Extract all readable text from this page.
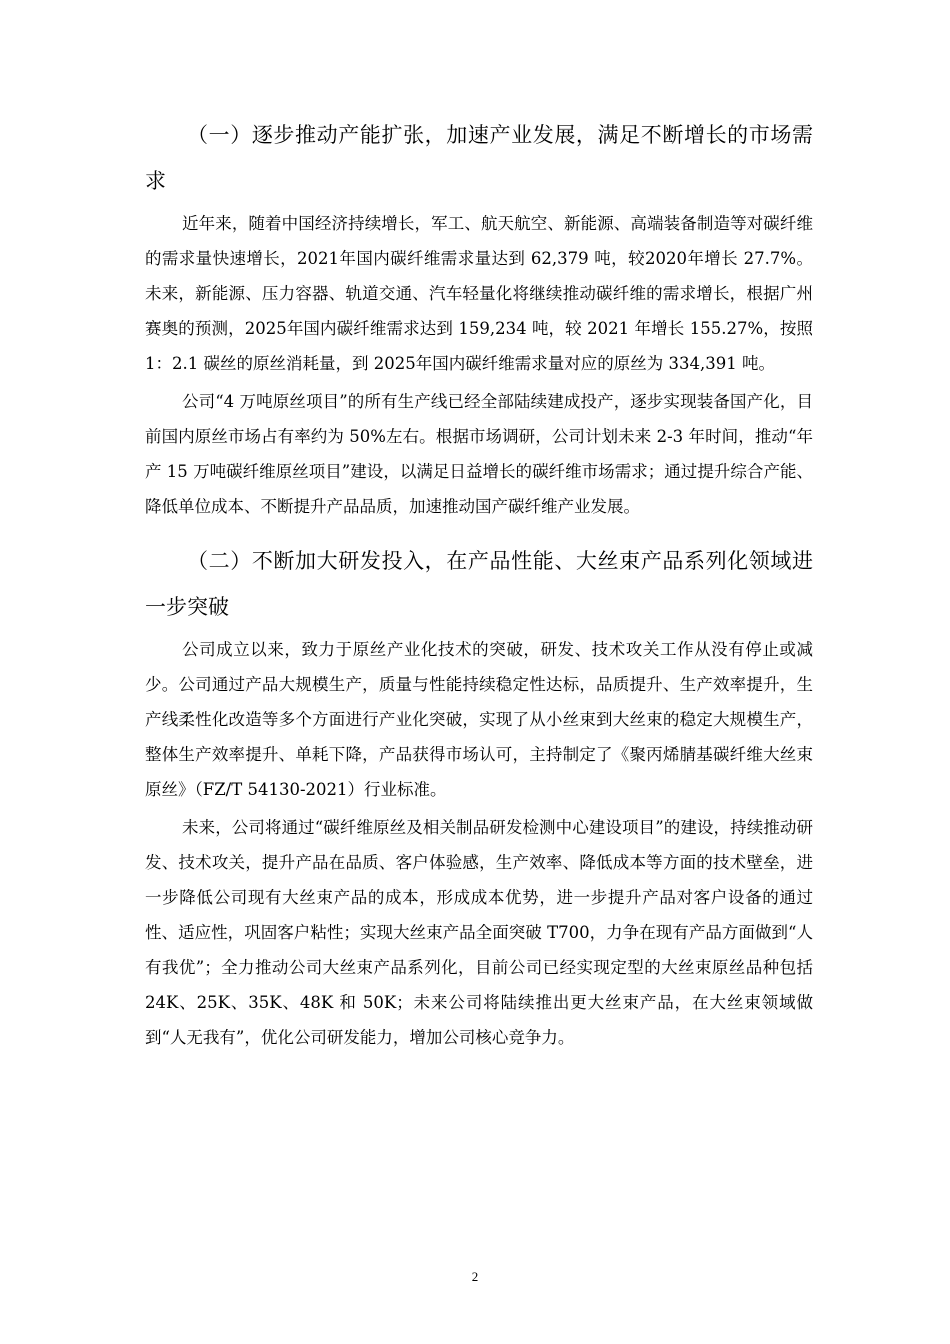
（一）逐步推动产能扩张，加速产业发展，满足不断增长的市场需求

近年来，随着中国经济持续增长，军工、航天航空、新能源、高端装备制造等对碳纤维的需求量快速增长，2021年国内碳纤维需求量达到 62,379 吨，较2020年增长 27.7%。未来，新能源、压力容器、轨道交通、汽车轻量化将继续推动碳纤维的需求增长，根据广州赛奥的预测，2025年国内碳纤维需求达到 159,234 吨，较 2021 年增长 155.27%，按照 1：2.1 碳丝的原丝消耗量，到 2025年国内碳纤维需求量对应的原丝为 334,391 吨。

公司“4 万吨原丝项目”的所有生产线已经全部陆续建成投产，逐步实现装备国产化，目前国内原丝市场占有率约为 50%左右。根据市场调研，公司计划未来 2-3 年时间，推动“年产 15 万吨碳纤维原丝项目”建设，以满足日益增长的碳纤维市场需求；通过提升综合产能、降低单位成本、不断提升产品品质，加速推动国产碳纤维产业发展。

（二）不断加大研发投入，在产品性能、大丝束产品系列化领域进一步突破

公司成立以来，致力于原丝产业化技术的突破，研发、技术攻关工作从没有停止或减少。公司通过产品大规模生产，质量与性能持续稳定性达标，品质提升、生产效率提升，生产线柔性化改造等多个方面进行产业化突破，实现了从小丝束到大丝束的稳定大规模生产，整体生产效率提升、单耗下降，产品获得市场认可，主持制定了《聚丙烯腈基碳纤维大丝束原丝》（FZ/T 54130-2021）行业标准。

未来，公司将通过“碳纤维原丝及相关制品研发检测中心建设项目”的建设，持续推动研发、技术攻关，提升产品在品质、客户体验感，生产效率、降低成本等方面的技术壁垒，进一步降低公司现有大丝束产品的成本，形成成本优势，进一步提升产品对客户设备的通过性、适应性，巩固客户粘性；实现大丝束产品全面突破 T700，力争在现有产品方面做到“人有我优”；全力推动公司大丝束产品系列化，目前公司已经实现定型的大丝束原丝品种包括24K、25K、35K、48K 和 50K；未来公司将陆续推出更大丝束产品，在大丝束领域做到“人无我有”，优化公司研发能力，增加公司核心竞争力。

2
